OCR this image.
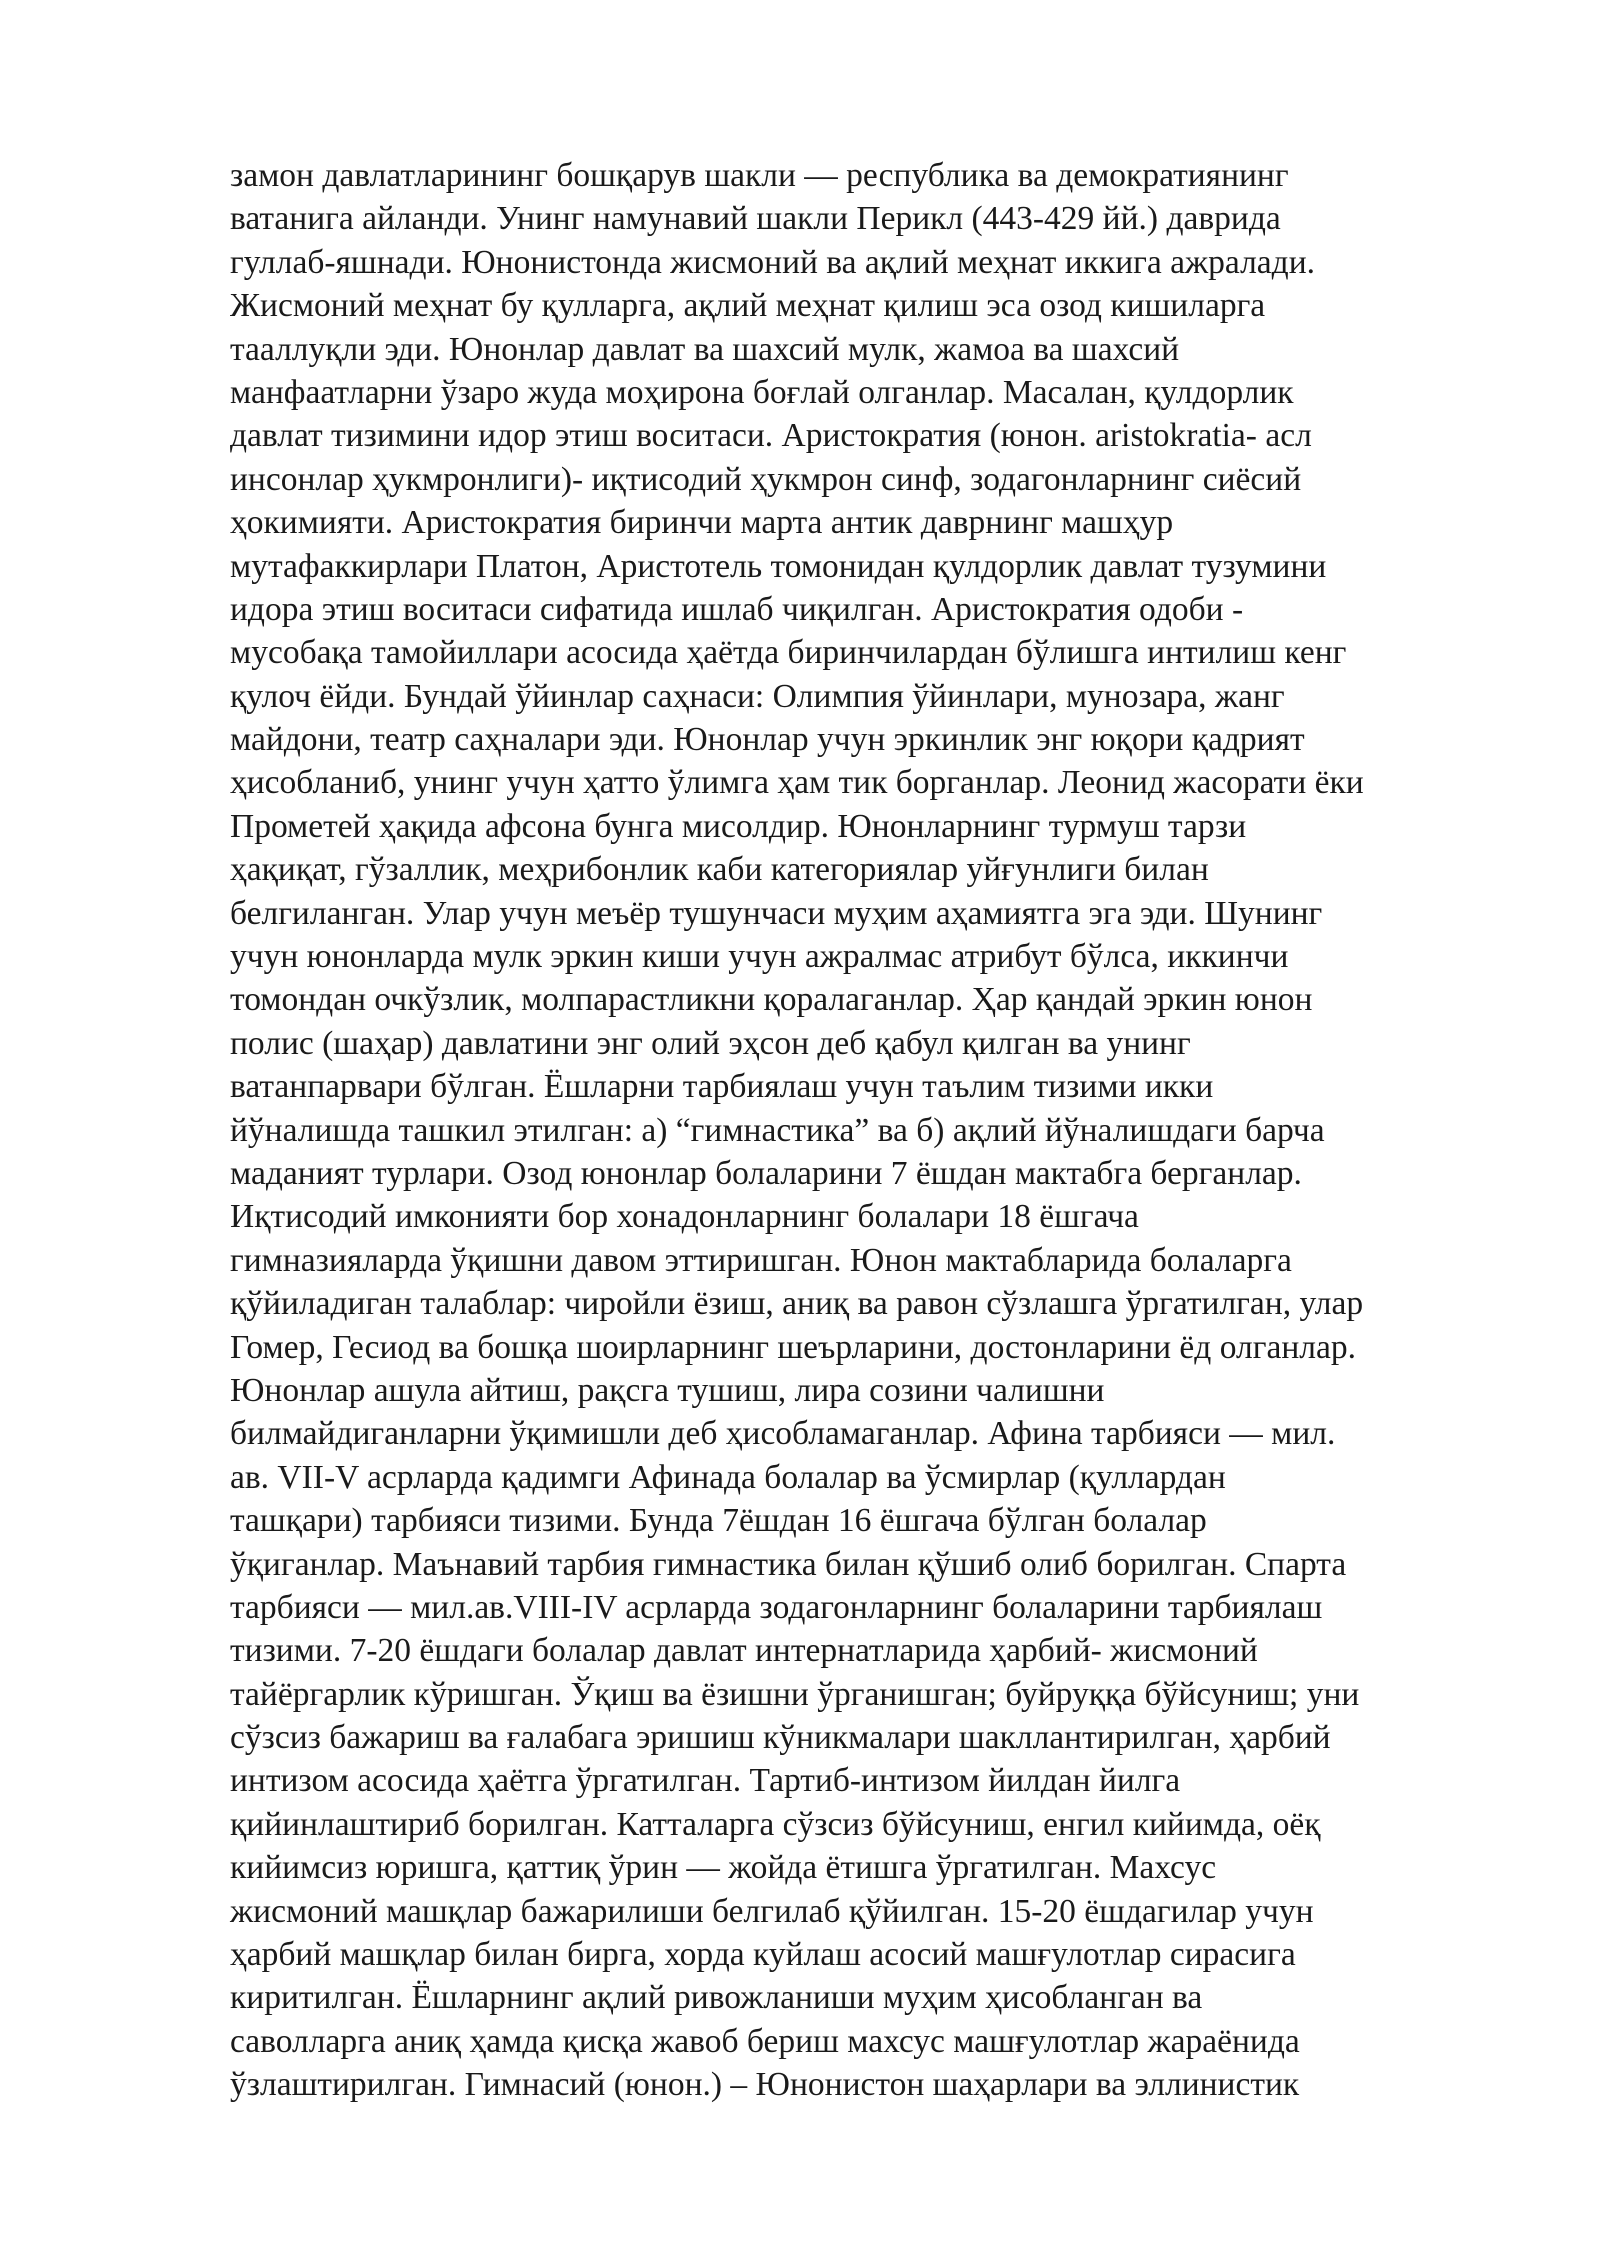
замон давлатларининг бошқарув шакли — республика ва демократиянинг
ватанига айланди. Унинг намунавий шакли Перикл (443-429 йй.) даврида
гуллаб-яшнади. Юнонистонда жисмоний ва ақлий меҳнат иккига ажралади.
Жисмоний меҳнат бу қулларга, ақлий меҳнат қилиш эса озод кишиларга
тааллуқли эди. Юнонлар давлат ва шахсий мулк, жамоа ва шахсий
манфаатларни ўзаро жуда моҳирона боғлай олганлар. Масалан, қулдорлик
давлат тизимини идор этиш воситаси. Аристократия (юнон. aristokratia- асл
инсонлар ҳукмронлиги)- иқтисодий ҳукмрон синф, зодагонларнинг сиёсий
ҳокимияти. Аристократия биринчи марта антик даврнинг машҳур
мутафаккирлари Платон, Аристотель томонидан қулдорлик давлат тузумини
идора этиш воситаси сифатида ишлаб чиқилган. Аристократия одоби -
мусобақа тамойиллари асосида ҳаётда биринчилардан бўлишга интилиш кенг
қулоч ёйди. Бундай ўйинлар саҳнаси: Олимпия ўйинлари, мунозара, жанг
майдони, театр саҳналари эди. Юнонлар учун эркинлик энг юқори қадрият
ҳисобланиб, унинг учун ҳатто ўлимга ҳам тик борганлар. Леонид жасорати ёки
Прометей ҳақида афсона бунга мисолдир. Юнонларнинг турмуш тарзи
ҳақиқат, гўзаллик, меҳрибонлик каби категориялар уйғунлиги билан
белгиланган. Улар учун меъёр тушунчаси муҳим аҳамиятга эга эди. Шунинг
учун юнонларда мулк эркин киши учун ажралмас атрибут бўлса, иккинчи
томондан очкўзлик, молпарастликни қоралаганлар. Ҳар қандай эркин юнон
полис (шаҳар) давлатини энг олий эҳсон деб қабул қилган ва унинг
ватанпарвари бўлган. Ёшларни тарбиялаш учун таълим тизими икки
йўналишда ташкил этилган: а) “гимнастика” ва б) ақлий йўналишдаги барча
маданият турлари. Озод юнонлар болаларини 7 ёшдан мактабга берганлар.
Иқтисодий имконияти бор хонадонларнинг болалари 18 ёшгача
гимназияларда ўқишни давом эттиришган. Юнон мактабларида болаларга
қўйиладиган талаблар: чиройли ёзиш, аниқ ва равон сўзлашга ўргатилган, улар
Гомер, Гесиод ва бошқа шоирларнинг шеърларини, достонларини ёд олганлар.
Юнонлар ашула айтиш, рақсга тушиш, лира созини чалишни
билмайдиганларни ўқимишли деб ҳисобламаганлар. Афина тарбияси — мил.
ав. VII-V асрларда қадимги Афинада болалар ва ўсмирлар (қуллардан
ташқари) тарбияси тизими. Бунда 7ёшдан 16 ёшгача бўлган болалар
ўқиганлар. Маънавий тарбия гимнастика билан қўшиб олиб борилган. Спарта
тарбияси — мил.ав.VIII-IV асрларда зодагонларнинг болаларини тарбиялаш
тизими. 7-20 ёшдаги болалар давлат интернатларида ҳарбий- жисмоний
тайёргарлик кўришган. Ўқиш ва ёзишни ўрганишган; буйруққа бўйсуниш; уни
сўзсиз бажариш ва ғалабага эришиш кўникмалари шакллантирилган, ҳарбий
интизом асосида ҳаётга ўргатилган. Тартиб-интизом йилдан йилга
қийинлаштириб борилган. Катталарга сўзсиз бўйсуниш, енгил кийимда, оёқ
кийимсиз юришга, қаттиқ ўрин — жойда ётишга ўргатилган. Махсус
жисмоний машқлар бажарилиши белгилаб қўйилган. 15-20 ёшдагилар учун
ҳарбий машқлар билан бирга, хорда куйлаш асосий машғулотлар сирасига
киритилган. Ёшларнинг ақлий ривожланиши муҳим ҳисобланган ва
саволларга аниқ ҳамда қисқа жавоб бериш махсус машғулотлар жараёнида
ўзлаштирилган. Гимнасий (юнон.) – Юнонистон шаҳарлари ва эллинистик
